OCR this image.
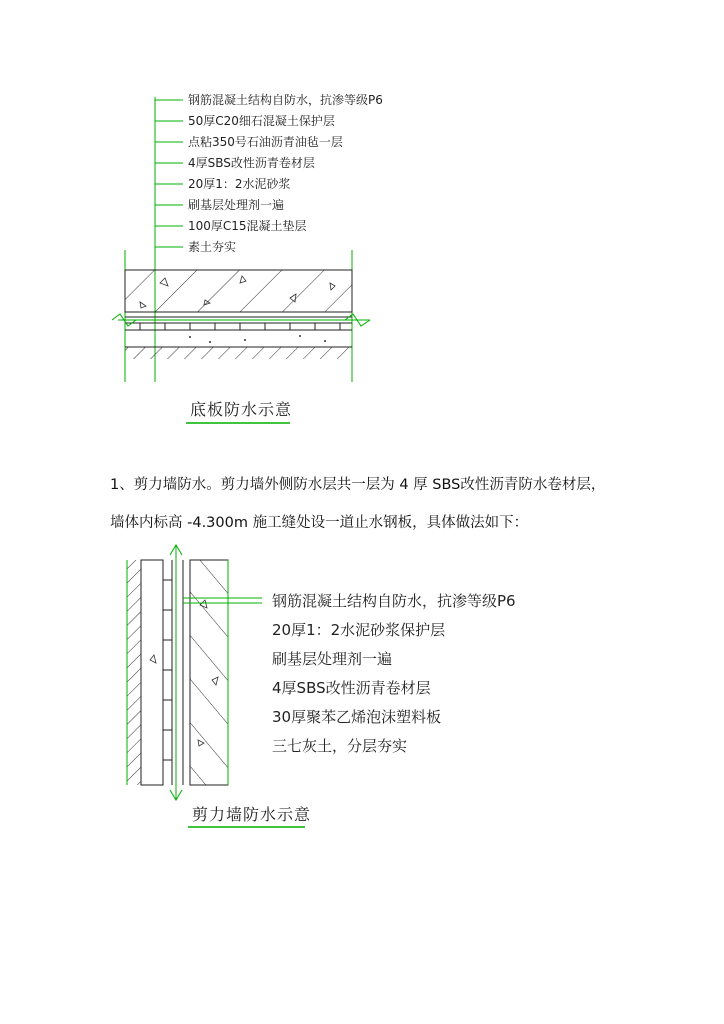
钢筋混凝土结构自防水，抗渗等级P6
50厚C20细石混凝土保护层
点粘350号石油沥青油毡一层
4厚SBS改性沥青卷材层
20厚1：2水泥砂浆
刷基层处理剂一遍
100厚C15混凝土垫层
素土夯实
底板防水示意
1、剪力墙防水。剪力墙外侧防水层共一层为 4 厚 SBS改性沥青防水卷材层，
墙体内标高 -4.300m 施工缝处设一道止水钢板，具体做法如下：
钢筋混凝土结构自防水，抗渗等级P6
20厚1：2水泥砂浆保护层
刷基层处理剂一遍
4厚SBS改性沥青卷材层
30厚聚苯乙烯泡沫塑料板
三七灰土，分层夯实
剪力墙防水示意
